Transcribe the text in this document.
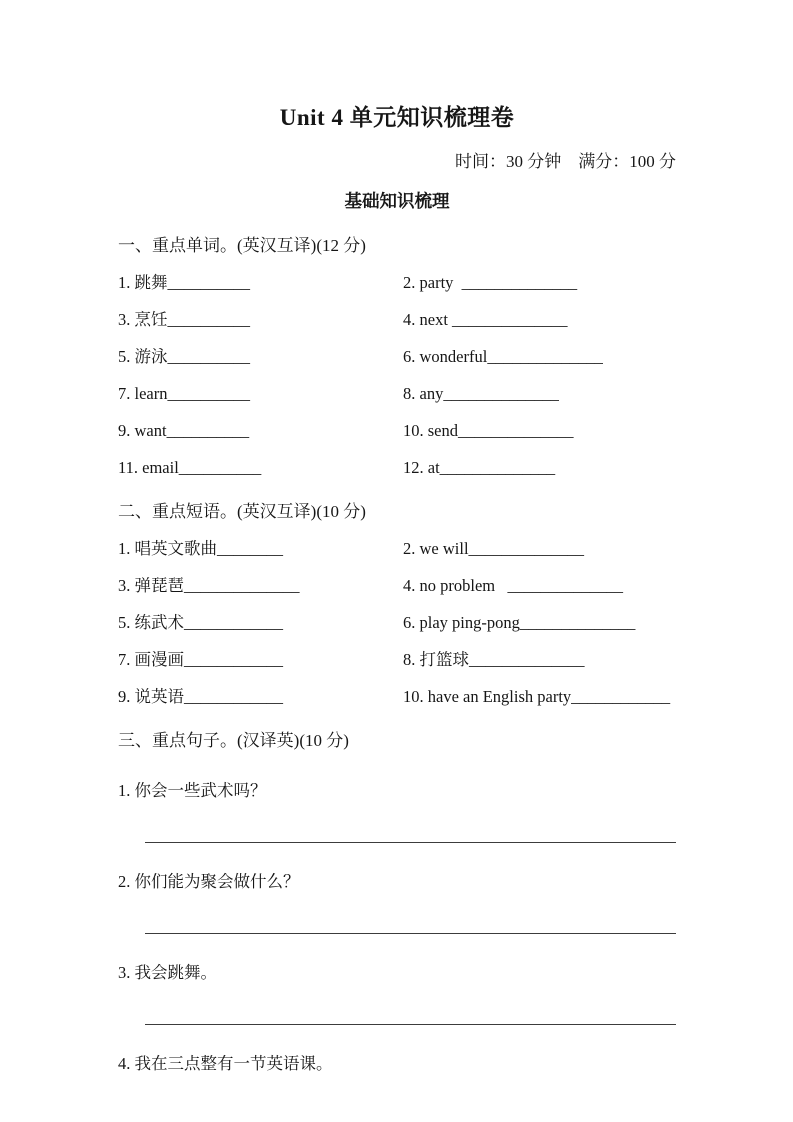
Unit 4 单元知识梳理卷
时间：30 分钟　满分：100 分
基础知识梳理
一、重点单词。(英汉互译)(12 分)
1. 跳舞__________	2. party  ______________
3. 烹饪__________	4. next ______________
5. 游泳__________	6. wonderful______________
7. learn__________	8. any______________
9. want__________	10. send______________
11. email__________	12. at______________
二、重点短语。(英汉互译)(10 分)
1. 唱英文歌曲________	2. we will______________
3. 弹琵琶______________	4. no problem   ______________
5. 练武术____________	6. play ping-pong______________
7. 画漫画____________	8. 打篮球______________
9. 说英语____________	10. have an English party____________
三、重点句子。(汉译英)(10 分)
1. 你会一些武术吗？
2. 你们能为聚会做什么？
3. 我会跳舞。
4. 我在三点整有一节英语课。
